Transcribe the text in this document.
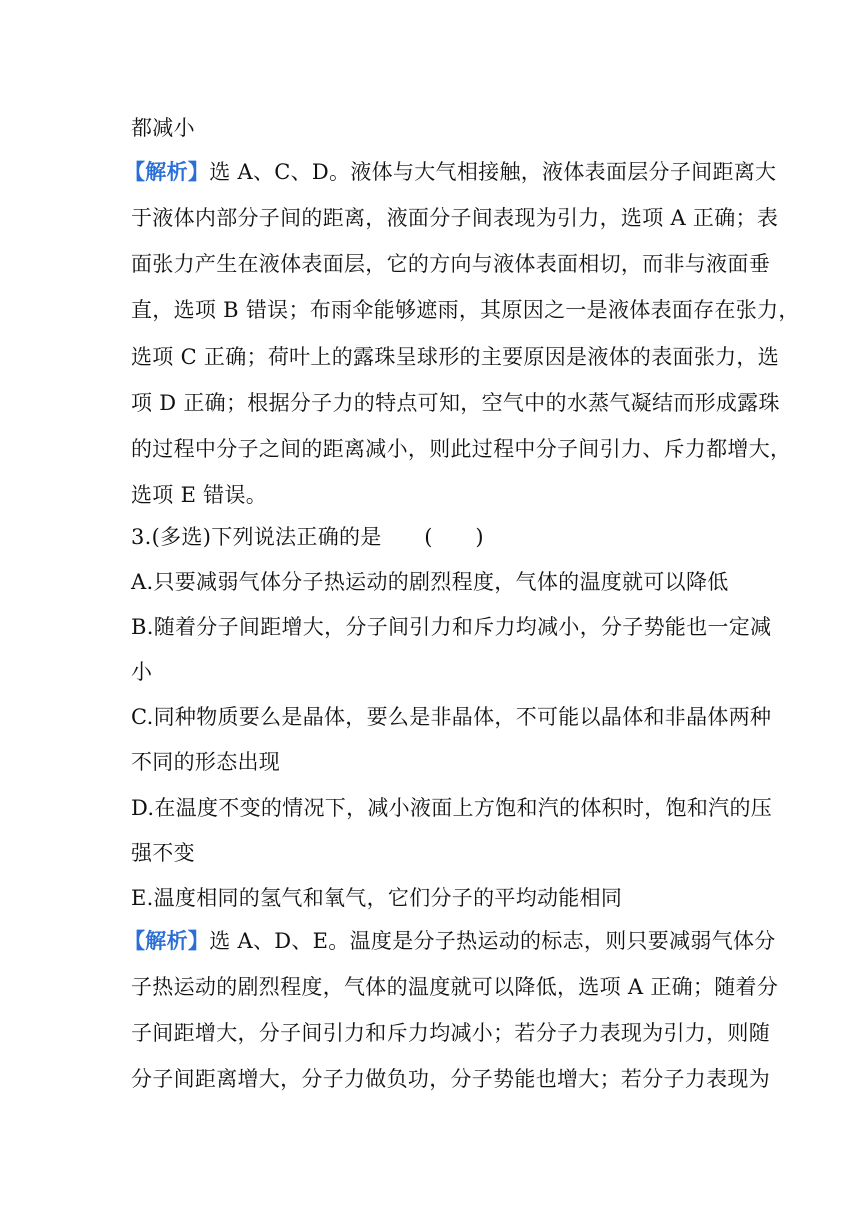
都减小
【解析】选 A、C、D。液体与大气相接触，液体表面层分子间距离大
于液体内部分子间的距离，液面分子间表现为引力，选项 A 正确；表
面张力产生在液体表面层，它的方向与液体表面相切，而非与液面垂
直，选项 B 错误；布雨伞能够遮雨，其原因之一是液体表面存在张力，
选项 C 正确；荷叶上的露珠呈球形的主要原因是液体的表面张力，选
项 D 正确；根据分子力的特点可知，空气中的水蒸气凝结而形成露珠
的过程中分子之间的距离减小，则此过程中分子间引力、斥力都增大，
选项 E 错误。
3.(多选)下列说法正确的是　　(　　)
A.只要减弱气体分子热运动的剧烈程度，气体的温度就可以降低
B.随着分子间距增大，分子间引力和斥力均减小，分子势能也一定减
小
C.同种物质要么是晶体，要么是非晶体，不可能以晶体和非晶体两种
不同的形态出现
D.在温度不变的情况下，减小液面上方饱和汽的体积时，饱和汽的压
强不变
E.温度相同的氢气和氧气，它们分子的平均动能相同
【解析】选 A、D、E。温度是分子热运动的标志，则只要减弱气体分
子热运动的剧烈程度，气体的温度就可以降低，选项 A 正确；随着分
子间距增大，分子间引力和斥力均减小；若分子力表现为引力，则随
分子间距离增大，分子力做负功，分子势能也增大；若分子力表现为
